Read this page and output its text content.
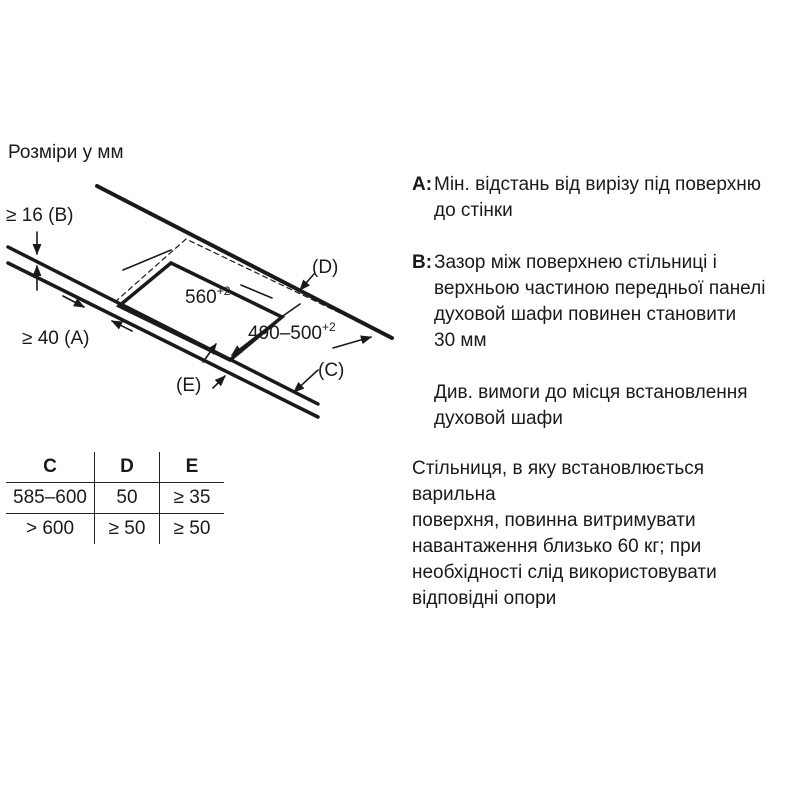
Розміри у мм
≥ 16 (B)
≥ 40 (A)
(D)
(C)
(E)
$560^{+2}$
$490-500^{+2}$
C	D	E
585–600	50	≥ 35
> 600	≥ 50	≥ 50
A: Мін. відстань від вирізу під поверхню
до стінки
B: Зазор між поверхнею стільниці і
верхньою частиною передньої панелі
духовой шафи повинен становити
30 мм
Див. вимоги до місця встановлення
духовой шафи
Стільниця, в яку встановлюється варильна
поверхня, повинна витримувати
навантаження близько 60 кг; при
необхідності слід використовувати
відповідні опори
